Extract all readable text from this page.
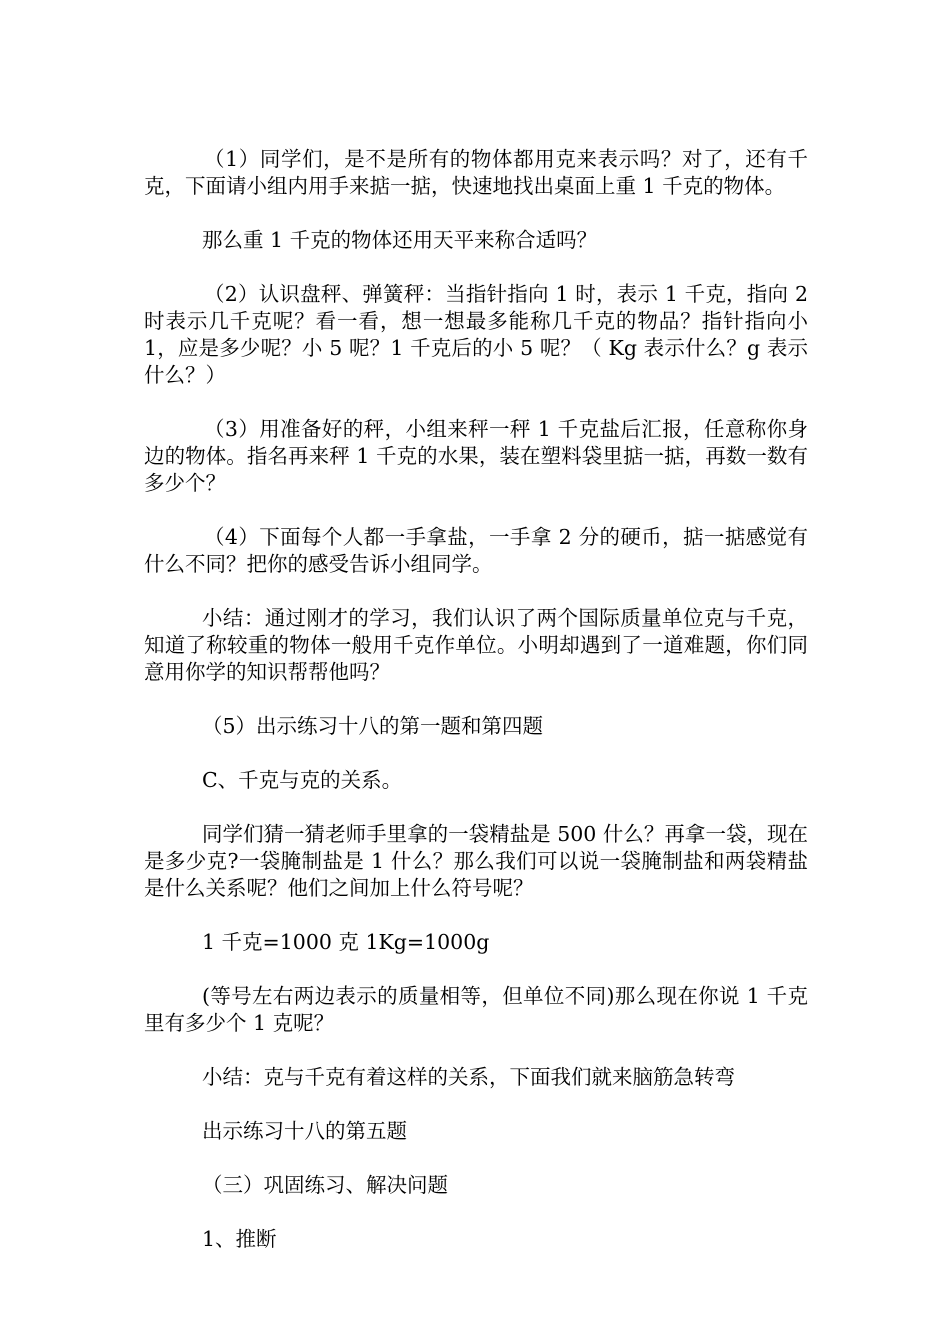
（1）同学们，是不是所有的物体都用克来表示吗？对了，还有千克，下面请小组内用手来掂一掂，快速地找出桌面上重 1 千克的物体。

那么重 1 千克的物体还用天平来称合适吗？

（2）认识盘秤、弹簧秤：当指针指向 1 时，表示 1 千克，指向 2 时表示几千克呢？看一看，想一想最多能称几千克的物品？指针指向小 1，应是多少呢？小 5 呢？1 千克后的小 5 呢？（ Kg 表示什么？g 表示什么？）

（3）用准备好的秤，小组来秤一秤 1 千克盐后汇报，任意称你身边的物体。指名再来秤 1 千克的水果，装在塑料袋里掂一掂，再数一数有多少个？

（4）下面每个人都一手拿盐，一手拿 2 分的硬币，掂一掂感觉有什么不同？把你的感受告诉小组同学。

小结：通过刚才的学习，我们认识了两个国际质量单位克与千克，知道了称较重的物体一般用千克作单位。小明却遇到了一道难题，你们同意用你学的知识帮帮他吗？

（5）出示练习十八的第一题和第四题

C、千克与克的关系。

同学们猜一猜老师手里拿的一袋精盐是 500 什么？再拿一袋，现在是多少克?一袋腌制盐是 1 什么？那么我们可以说一袋腌制盐和两袋精盐是什么关系呢？他们之间加上什么符号呢？

1 千克=1000 克 1Kg=1000g

(等号左右两边表示的质量相等，但单位不同)那么现在你说 1 千克里有多少个 1 克呢？

小结：克与千克有着这样的关系，下面我们就来脑筋急转弯

出示练习十八的第五题

（三）巩固练习、解决问题

1、推断
